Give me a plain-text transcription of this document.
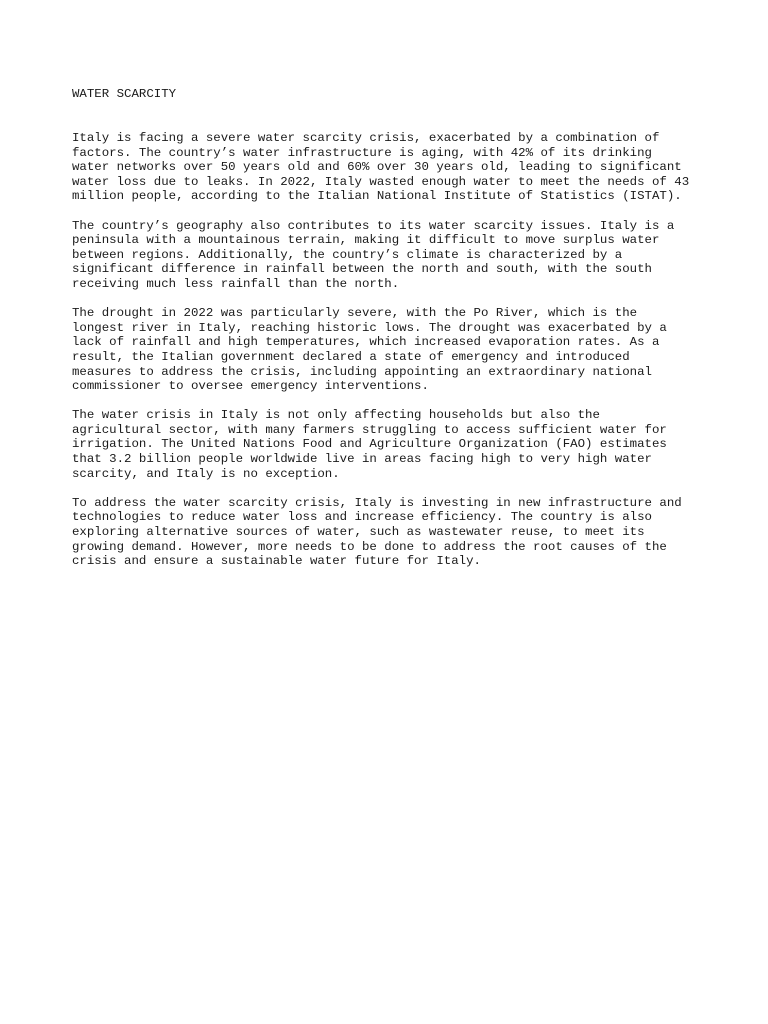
WATER SCARCITY

Italy is facing a severe water scarcity crisis, exacerbated by a combination of
factors. The country’s water infrastructure is aging, with 42% of its drinking
water networks over 50 years old and 60% over 30 years old, leading to significant
water loss due to leaks. In 2022, Italy wasted enough water to meet the needs of 43
million people, according to the Italian National Institute of Statistics (ISTAT).

The country’s geography also contributes to its water scarcity issues. Italy is a
peninsula with a mountainous terrain, making it difficult to move surplus water
between regions. Additionally, the country’s climate is characterized by a
significant difference in rainfall between the north and south, with the south
receiving much less rainfall than the north.

The drought in 2022 was particularly severe, with the Po River, which is the
longest river in Italy, reaching historic lows. The drought was exacerbated by a
lack of rainfall and high temperatures, which increased evaporation rates. As a
result, the Italian government declared a state of emergency and introduced
measures to address the crisis, including appointing an extraordinary national
commissioner to oversee emergency interventions.

The water crisis in Italy is not only affecting households but also the
agricultural sector, with many farmers struggling to access sufficient water for
irrigation. The United Nations Food and Agriculture Organization (FAO) estimates
that 3.2 billion people worldwide live in areas facing high to very high water
scarcity, and Italy is no exception.

To address the water scarcity crisis, Italy is investing in new infrastructure and
technologies to reduce water loss and increase efficiency. The country is also
exploring alternative sources of water, such as wastewater reuse, to meet its
growing demand. However, more needs to be done to address the root causes of the
crisis and ensure a sustainable water future for Italy.
